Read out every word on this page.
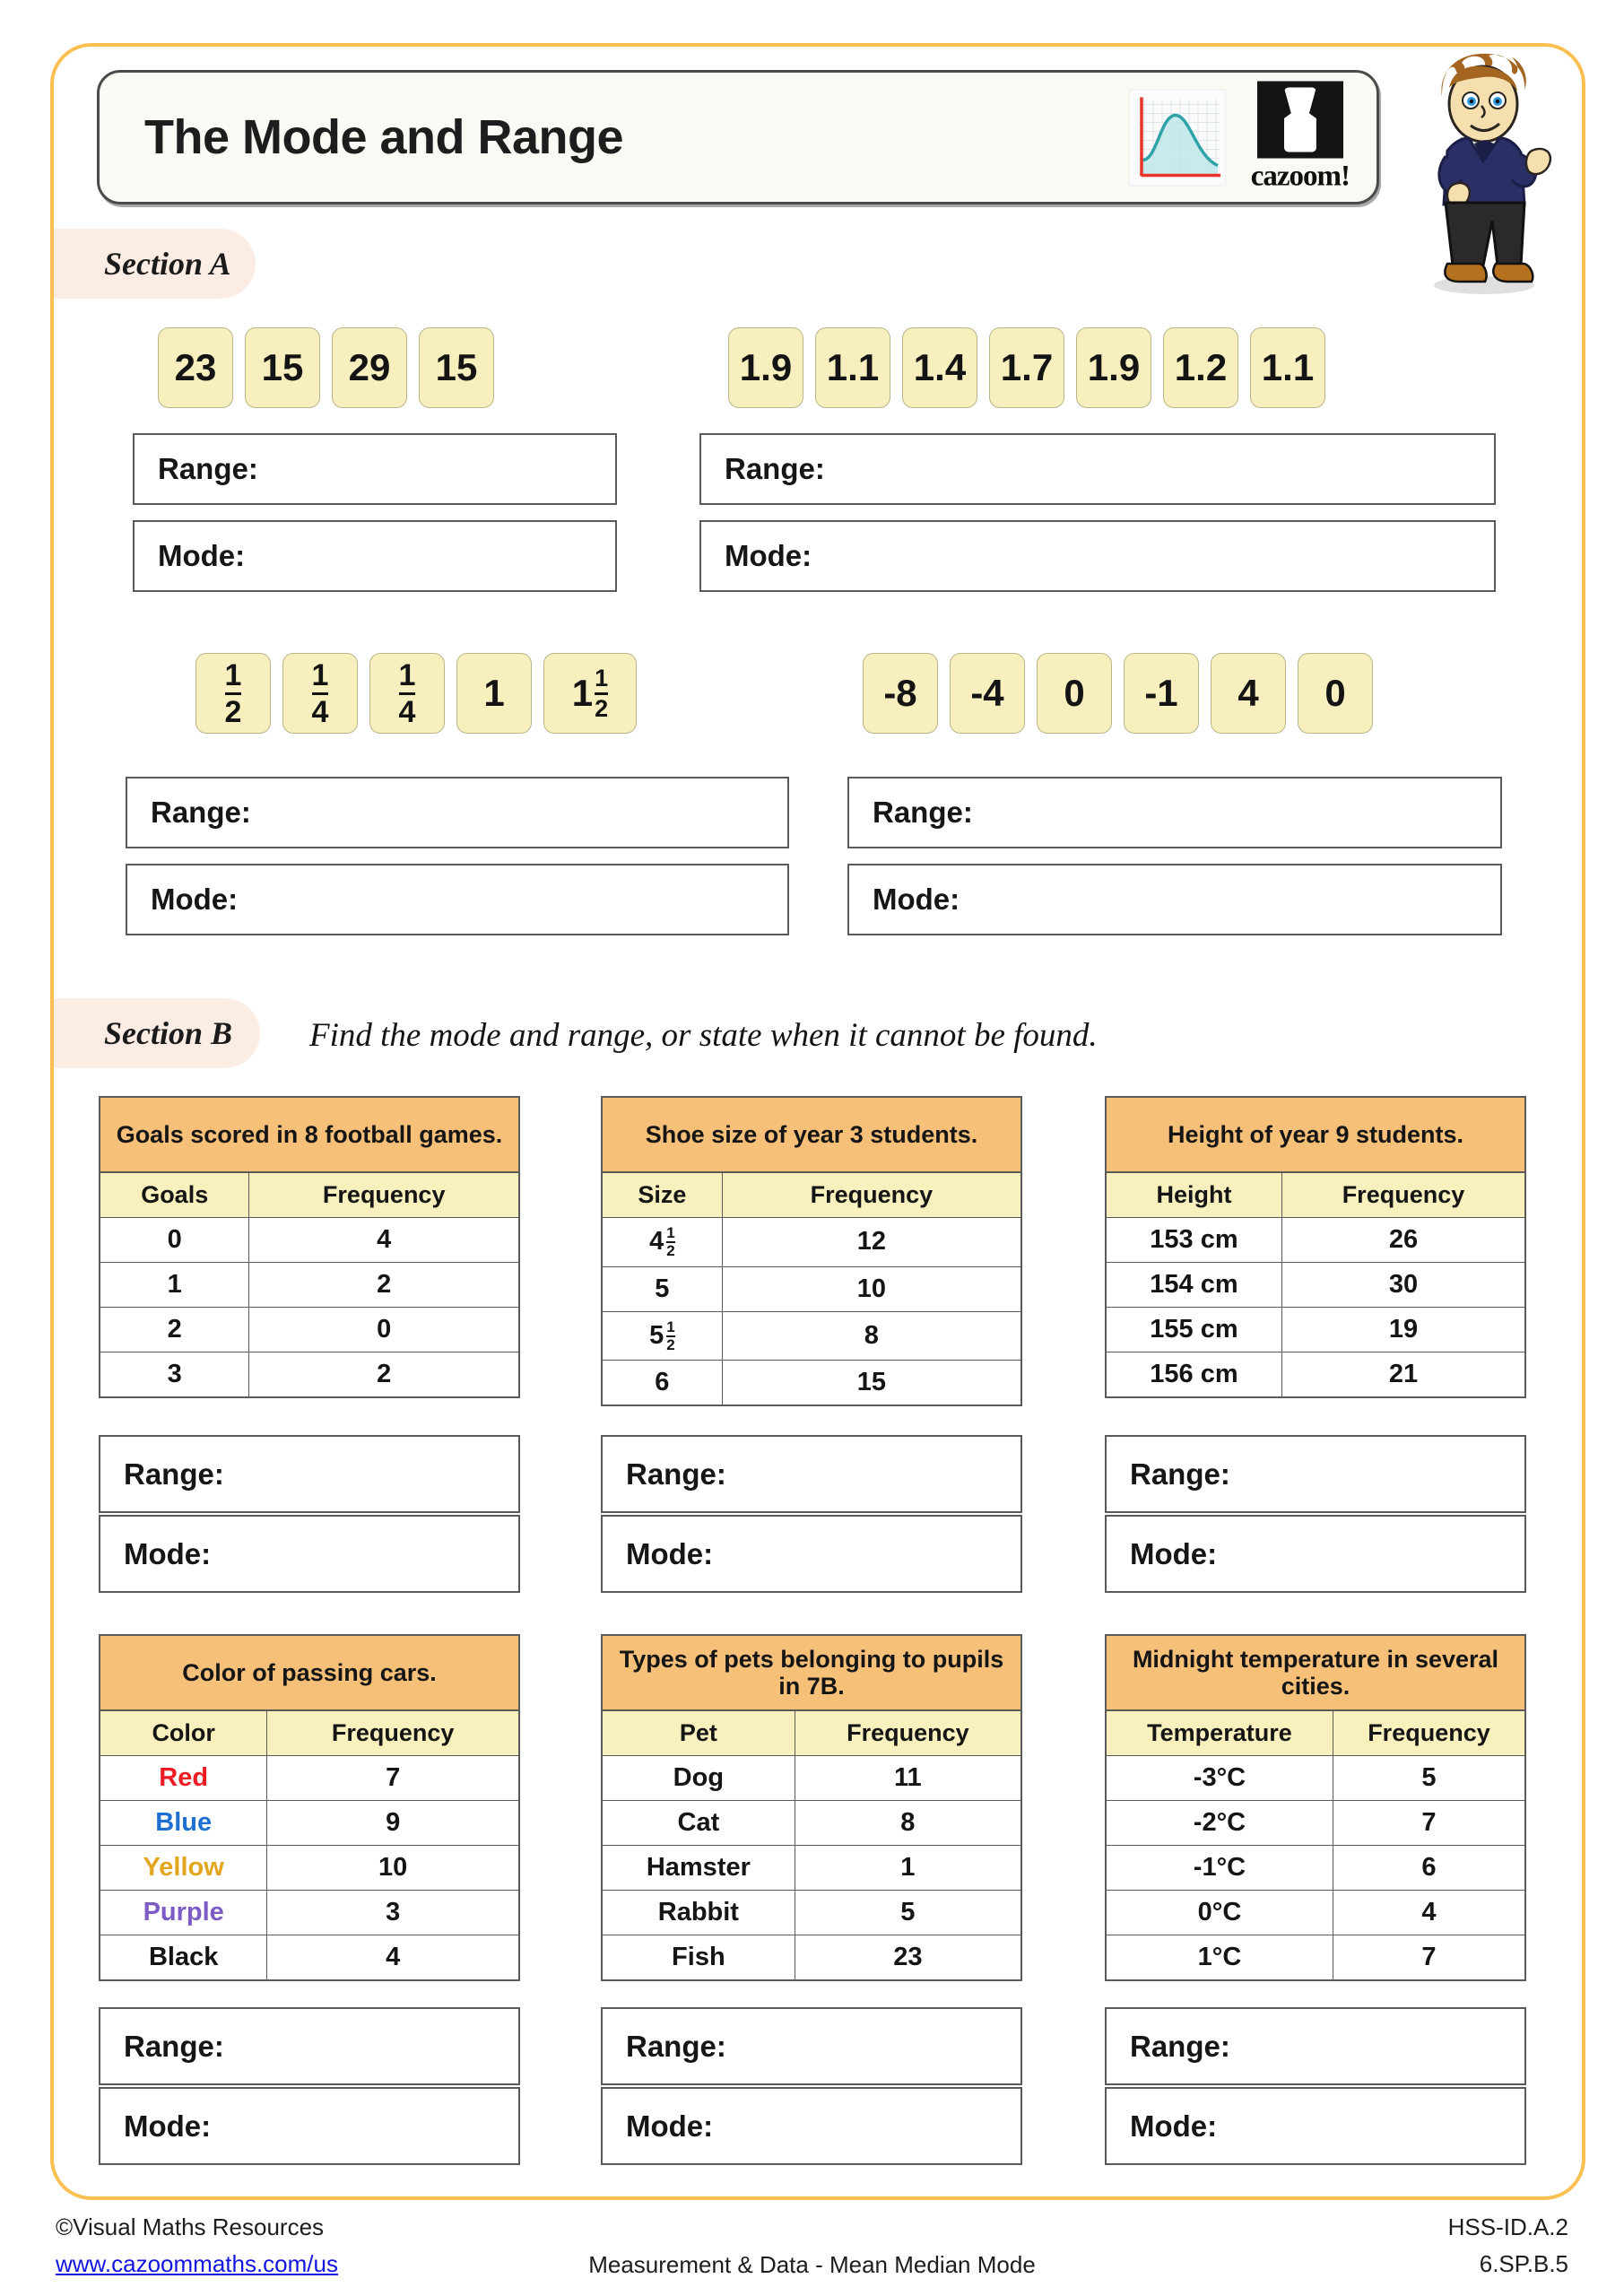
The Mode and Range
cazoom!
Section A
23	15	29	15
Range:
Mode:
1.9 1.1 1.4 1.7 1.9 1.2 1.1
Range:
Mode:
$\frac{1}{2} \frac{1}{4} \frac{1}{4}$	1	$1 \frac{1}{2}$
Range:
Mode:
-8	-4	0	-1	4	0
Range:
Mode:
Section B Find the mode and range, or state when it cannot be found.
Goals scored in 8 football games.	
Goals	Frequency
0	4
1	2
2	0
3	2
Shoe size of year 3 students.	
Size	Frequency

$4 \frac{1}{2}$	12
5	10

$5 \frac{1}{2}$	8
6	15
Height of year 9 students.	
Height	Frequency
153 cm	26
154 cm	30
155 cm	19
156 cm	21
Color of passing cars.	
Color	Frequency
Red	7
Blue	9
Yellow	10
Purple	3
Black	4
Types of pets belonging to pupils in 7B.	
Pet	Frequency
Dog	11
Cat	8
Hamster	1
Rabbit	5
Fish	23
Midnight temperature in several cities.	
Temperature	Frequency
-3°C	5
-2°C	7
-1°C	6
0°C	4
1°C	7
©Visual Maths Resources
www.cazoommaths.com/us	Measurement & Data - Mean Median Mode
HSS-ID.A.2
6.SP.B.5
Range:
Mode:
Range:
Mode:
Range:
Mode:
Range:
Mode:
Range:
Mode:
Range:
Mode:
